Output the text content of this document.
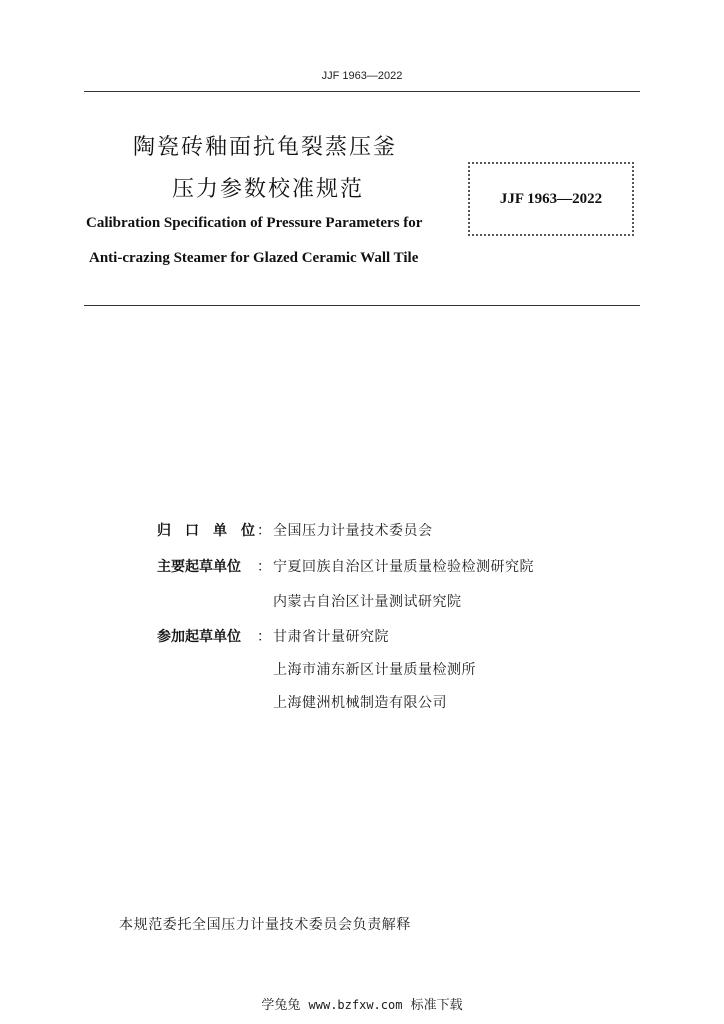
JJF 1963—2022
陶瓷砖釉面抗龟裂蒸压釜
压力参数校准规范	JJF 1963—2022
Calibration Specification of Pressure Parameters for
Anti-crazing Steamer for Glazed Ceramic Wall Tile
归 口 单 位 ： 全国压力计量技术委员会
主要起草单位 ： 宁夏回族自治区计量质量检验检测研究院
内蒙古自治区计量测试研究院
参加起草单位 ： 甘肃省计量研究院
上海市浦东新区计量质量检测所
上海健洲机械制造有限公司
本规范委托全国压力计量技术委员会负责解释
学兔兔 www.bzfxw.com 标准下载
